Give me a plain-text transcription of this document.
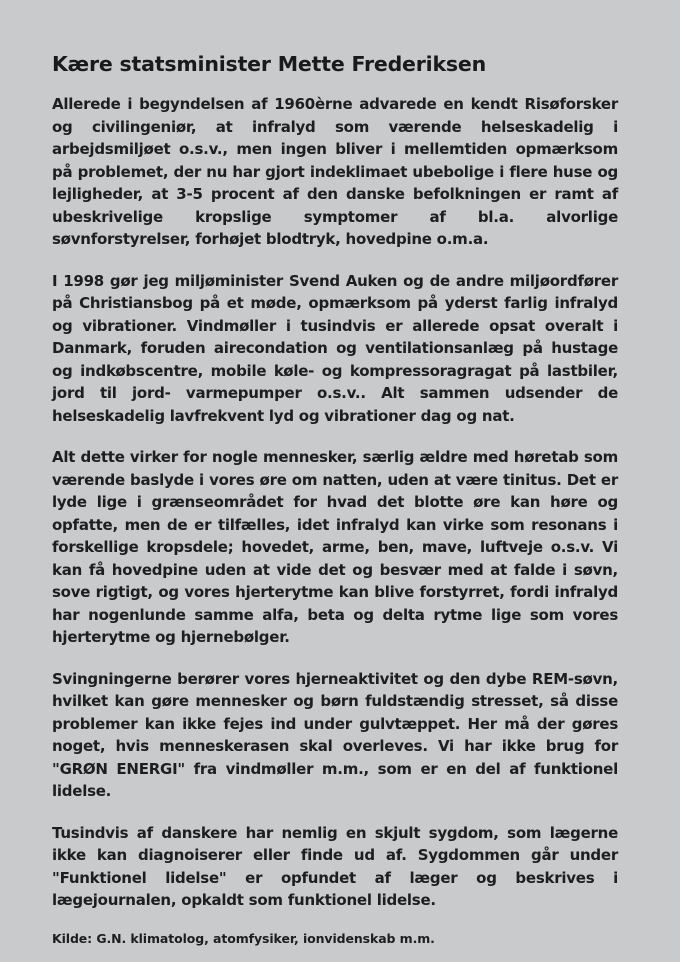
Kære statsminister Mette Frederiksen

Allerede i begyndelsen af 1960èrne advarede en kendt Risøforsker og civilingeniør, at infralyd som værende helseskadelig i arbejdsmiljøet o.s.v., men ingen bliver i mellemtiden opmærksom på problemet, der nu har gjort indeklimaet ubebolige i flere huse og lejligheder, at 3-5 procent af den danske befolkningen er ramt af ubeskrivelige kropslige symptomer af bl.a. alvorlige søvnforstyrelser, forhøjet blodtryk, hovedpine o.m.a.

I 1998 gør jeg miljøminister Svend Auken og de andre miljøordfører på Christiansbog på et møde, opmærksom på yderst farlig infralyd og vibrationer. Vindmøller i tusindvis er allerede opsat overalt i Danmark, foruden airecondation og ventilationsanlæg på hustage og indkøbscentre, mobile køle- og kompressoragragat på lastbiler, jord til jord- varmepumper o.s.v.. Alt sammen udsender de helseskadelig lavfrekvent lyd og vibrationer dag og nat.

Alt dette virker for nogle mennesker, særlig ældre med høretab som værende baslyde i vores øre om natten, uden at være tinitus. Det er lyde lige i grænseområdet for hvad det blotte øre kan høre og opfatte, men de er tilfælles, idet infralyd kan virke som resonans i forskellige kropsdele; hovedet, arme, ben, mave, luftveje o.s.v. Vi kan få hovedpine uden at vide det og besvær med at falde i søvn, sove rigtigt, og vores hjerterytme kan blive forstyrret, fordi infralyd har nogenlunde samme alfa, beta og delta rytme lige som vores hjerterytme og hjernebølger.

Svingningerne berører vores hjerneaktivitet og den dybe REM-søvn, hvilket kan gøre mennesker og børn fuldstændig stresset, så disse problemer kan ikke fejes ind under gulvtæppet. Her må der gøres noget, hvis menneskerasen skal overleves. Vi har ikke brug for "GRØN ENERGI" fra vindmøller m.m., som er en del af funktionel lidelse.

Tusindvis af danskere har nemlig en skjult sygdom, som lægerne ikke kan diagnoiserer eller finde ud af. Sygdommen går under "Funktionel lidelse" er opfundet af læger og beskrives i lægejournalen, opkaldt som funktionel lidelse.

Kilde: G.N. klimatolog, atomfysiker, ionvidenskab m.m.
